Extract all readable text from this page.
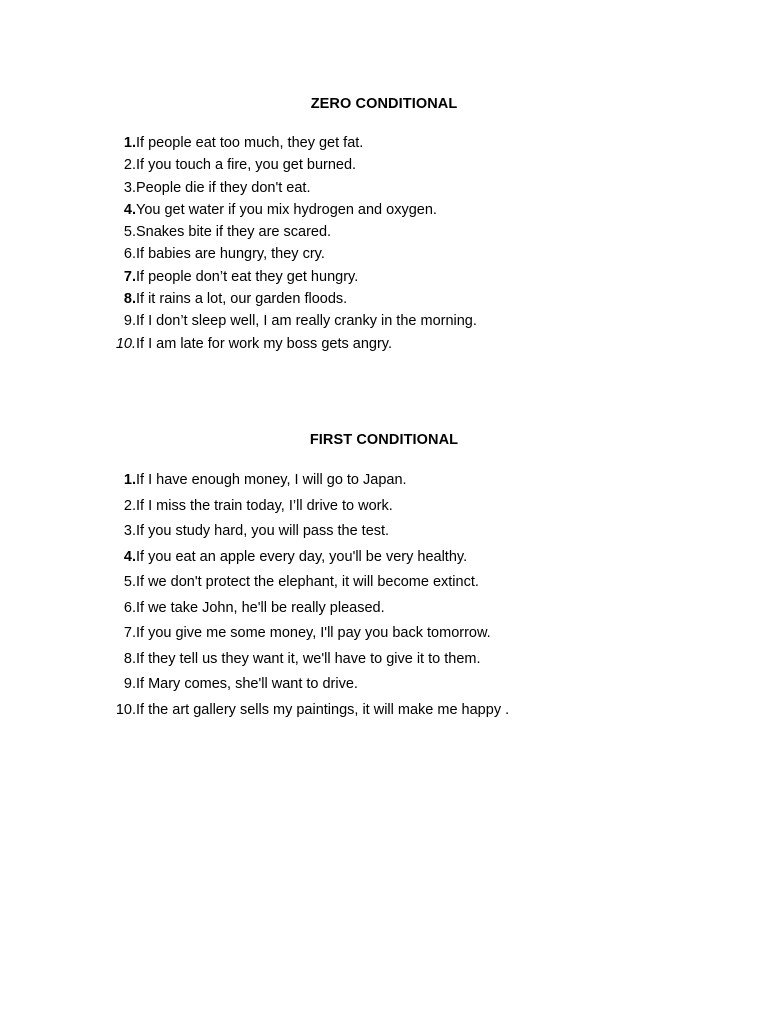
ZERO CONDITIONAL
1. If people eat too much, they get fat.
2. If you touch a fire, you get burned.
3. People die if they don't eat.
4. You get water if you mix hydrogen and oxygen.
5. Snakes bite if they are scared.
6. If babies are hungry, they cry.
7. If people don’t eat they get hungry.
8. If it rains a lot, our garden floods.
9. If I don’t sleep well, I am really cranky in the morning.
10. If I am late for work my boss gets angry.
FIRST CONDITIONAL
1. If I have enough money, I will go to Japan.
2. If I miss the train today, I’ll drive to work.
3. If you study hard, you will pass the test.
4. If you eat an apple every day, you'll be very healthy.
5. If we don't protect the elephant, it will become extinct.
6. If we take John, he'll be really pleased.
7. If you give me some money, I'll pay you back tomorrow.
8. If they tell us they want it, we'll have to give it to them.
9. If Mary comes, she'll want to drive.
10. If the art gallery sells my paintings, it will make me happy .
